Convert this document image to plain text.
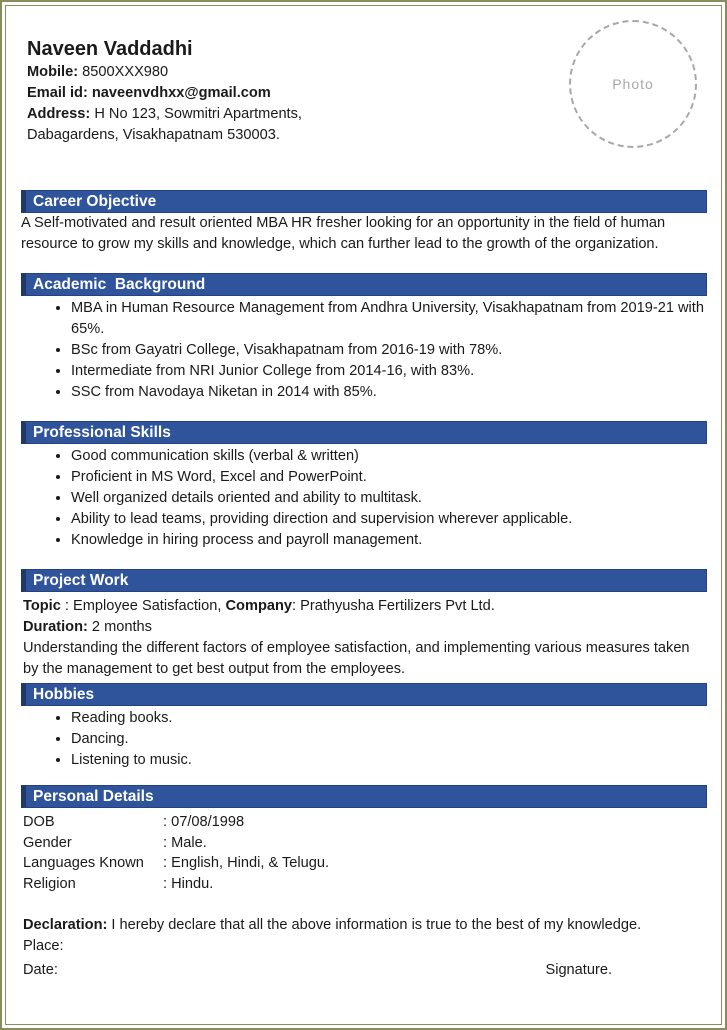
Photo
Naveen Vaddadhi
Mobile: 8500XXX980
Email id: naveenvdhxx@gmail.com
Address: H No 123, Sowmitri Apartments,
Dabagardens, Visakhapatnam 530003.
Career Objective

A Self-motivated and result oriented MBA HR fresher looking for an opportunity in the field of human resource to grow my skills and knowledge, which can further lead to the growth of the organization.

Academic  Background
• MBA in Human Resource Management from Andhra University, Visakhapatnam from 2019-21 with 65%.
• BSc from Gayatri College, Visakhapatnam from 2016-19 with 78%.
• Intermediate from NRI Junior College from 2014-16, with 83%.
• SSC from Navodaya Niketan in 2014 with 85%.
Professional Skills
• Good communication skills (verbal & written)
• Proficient in MS Word, Excel and PowerPoint.
• Well organized details oriented and ability to multitask.
• Ability to lead teams, providing direction and supervision wherever applicable.
• Knowledge in hiring process and payroll management.
Project Work

Topic : Employee Satisfaction, Company: Prathyusha Fertilizers Pvt Ltd.

Duration: 2 months

Understanding the different factors of employee satisfaction, and implementing various measures taken by the management to get best output from the employees.

Hobbies
• Reading books.
• Dancing.
• Listening to music.
Personal Details
DOB	: 07/08/1998
Gender	: Male.
Languages Known	: English, Hindi, & Telugu.
Religion	: Hindu.

Declaration: I hereby declare that all the above information is true to the best of my knowledge.

Place:

Date:	Signature.
